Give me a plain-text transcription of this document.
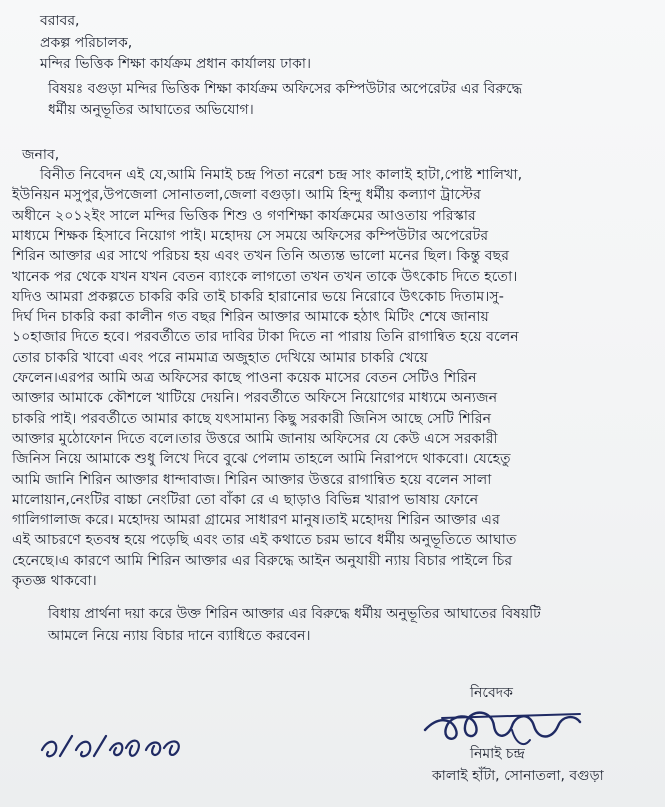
বরাবর,
প্রকল্প পরিচালক,
মন্দির ভিত্তিক শিক্ষা কার্যক্রম প্রধান কার্যালয় ঢাকা।
বিষয়ঃ বগুড়া মন্দির ভিত্তিক শিক্ষা কার্যক্রম অফিসের কম্পিউটার অপেরেটর এর বিরুদ্ধে
ধর্মীয় অনুভূতির আঘাতের অভিযোগ।
জনাব,
বিনীত নিবেদন এই যে,আমি নিমাই চন্দ্র পিতা নরেশ চন্দ্র সাং কালাই হাটা,পোষ্ট শালিখা,
ইউনিয়ন মসুপুর,উপজেলা সোনাতলা,জেলা বগুড়া। আমি হিন্দু ধর্মীয় কল্যাণ ট্রাস্টের
অধীনে ২০১২ইং সালে মন্দির ভিত্তিক শিশু ও গণশিক্ষা কার্যক্রমের আওতায় পরিস্কার
মাধ্যমে শিক্ষক হিসাবে নিয়োগ পাই। মহোদয় সে সময়ে অফিসের কম্পিউটার অপেরেটর
শিরিন আক্তার এর সাথে পরিচয় হয় এবং তখন তিনি অত্যন্ত ভালো মনের ছিল। কিন্তু বছর
খানেক পর থেকে যখন যখন বেতন ব্যাংকে লাগতো তখন তখন তাকে উৎকোচ দিতে হতো।
যদিও আমরা প্রকল্পতে চাকরি করি তাই চাকরি হারানোর ভয়ে নিরোবে উৎকোচ দিতাম।সু-
দির্ঘ দিন চাকরি করা কালীন গত বছর শিরিন আক্তার আমাকে হঠাৎ মিটিং শেষে জানায়
১০হাজার দিতে হবে। পরবর্তীতে তার দাবির টাকা দিতে না পারায় তিনি রাগান্বিত হয়ে বলেন
তোর চাকরি খাবো এবং পরে নামমাত্র অজুহাত দেখিয়ে আমার চাকরি খেয়ে
ফেলেন।এরপর আমি অত্র অফিসের কাছে পাওনা কয়েক মাসের বেতন সেটিও শিরিন
আক্তার আমাকে কৌশলে খাটিয়ে দেয়নি। পরবর্তীতে অফিসে নিয়োগের মাধ্যমে অন্যজন
চাকরি পাই। পরবর্তীতে আমার কাছে যৎসামান্য কিছু সরকারী জিনিস আছে সেটি শিরিন
আক্তার মুঠোফোন দিতে বলে।তার উত্তরে আমি জানায় অফিসের যে কেউ এসে সরকারী
জিনিস নিয়ে আমাকে শুধু লিখে দিবে বুঝে পেলাম তাহলে আমি নিরাপদে থাকবো। যেহেতু
আমি জানি শিরিন আক্তার ধান্দাবাজ। শিরিন আক্তার উত্তরে রাগান্বিত হয়ে বলেন সালা
মালোয়ান,নেংটির বাচ্চা নেংটিরা তো বাঁকা রে এ ছাড়াও বিভিন্ন খারাপ ভাষায় ফোনে
গালিগালাজ করে। মহোদয় আমরা গ্রামের সাধারণ মানুষ।তাই মহোদয় শিরিন আক্তার এর
এই আচরণে হতবম্ব হয়ে পড়েছি এবং তার এই কথাতে চরম ভাবে ধর্মীয় অনুভূতিতে আঘাত
হেনেছে।এ কারণে আমি শিরিন আক্তার এর বিরুদ্ধে আইন অনুযায়ী ন্যায় বিচার পাইলে চির
কৃতজ্ঞ থাকবো।
বিধায় প্রার্থনা দয়া করে উক্ত শিরিন আক্তার এর বিরুদ্ধে ধর্মীয় অনুভূতির আঘাতের বিষয়টি
আমলে নিয়ে ন্যায় বিচার দানে ব্যাধিতে করবেন।
নিবেদক
নিমাই চন্দ্র
কালাই হাঁটা, সোনাতলা, বগুড়া
